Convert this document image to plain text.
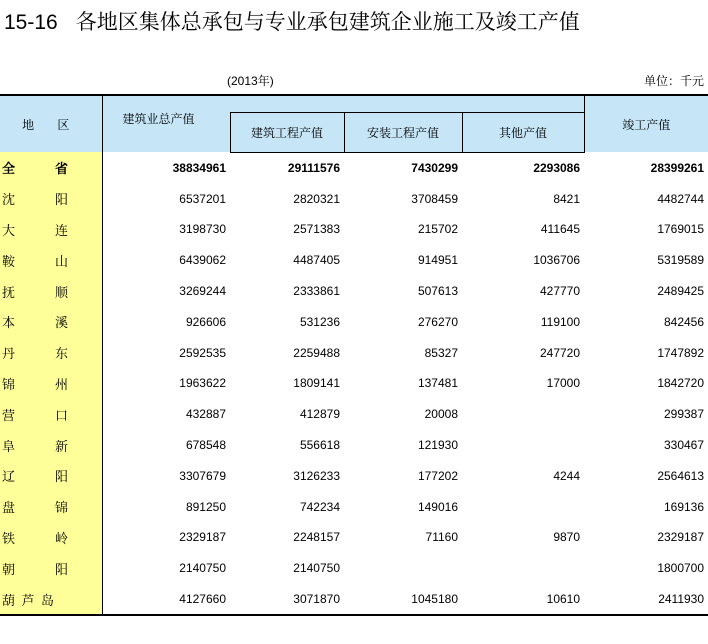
15-16 各地区集体总承包与专业承包建筑企业施工及竣工产值
(2013年)	单位：千元
地 区	建筑业总产值				竣工产值
		建筑工程产值	安装工程产值	其他产值	

全 省	38834961	29111576	7430299	2293086	28399261

沈 阳	6537201	2820321	3708459	8421	4482744

大 连	3198730	2571383	215702	411645	1769015

鞍 山	6439062	4487405	914951	1036706	5319589

抚 顺	3269244	2333861	507613	427770	2489425

本 溪	926606	531236	276270	119100	842456

丹 东	2592535	2259488	85327	247720	1747892

锦 州	1963622	1809141	137481	17000	1842720

营 口	432887	412879	20008		299387

阜 新	678548	556618	121930		330467

辽 阳	3307679	3126233	177202	4244	2564613

盘 锦	891250	742234	149016		169136

铁 岭	2329187	2248157	71160	9870	2329187

朝 阳	2140750	2140750			1800700

葫 芦 岛	4127660	3071870	1045180	10610	2411930
